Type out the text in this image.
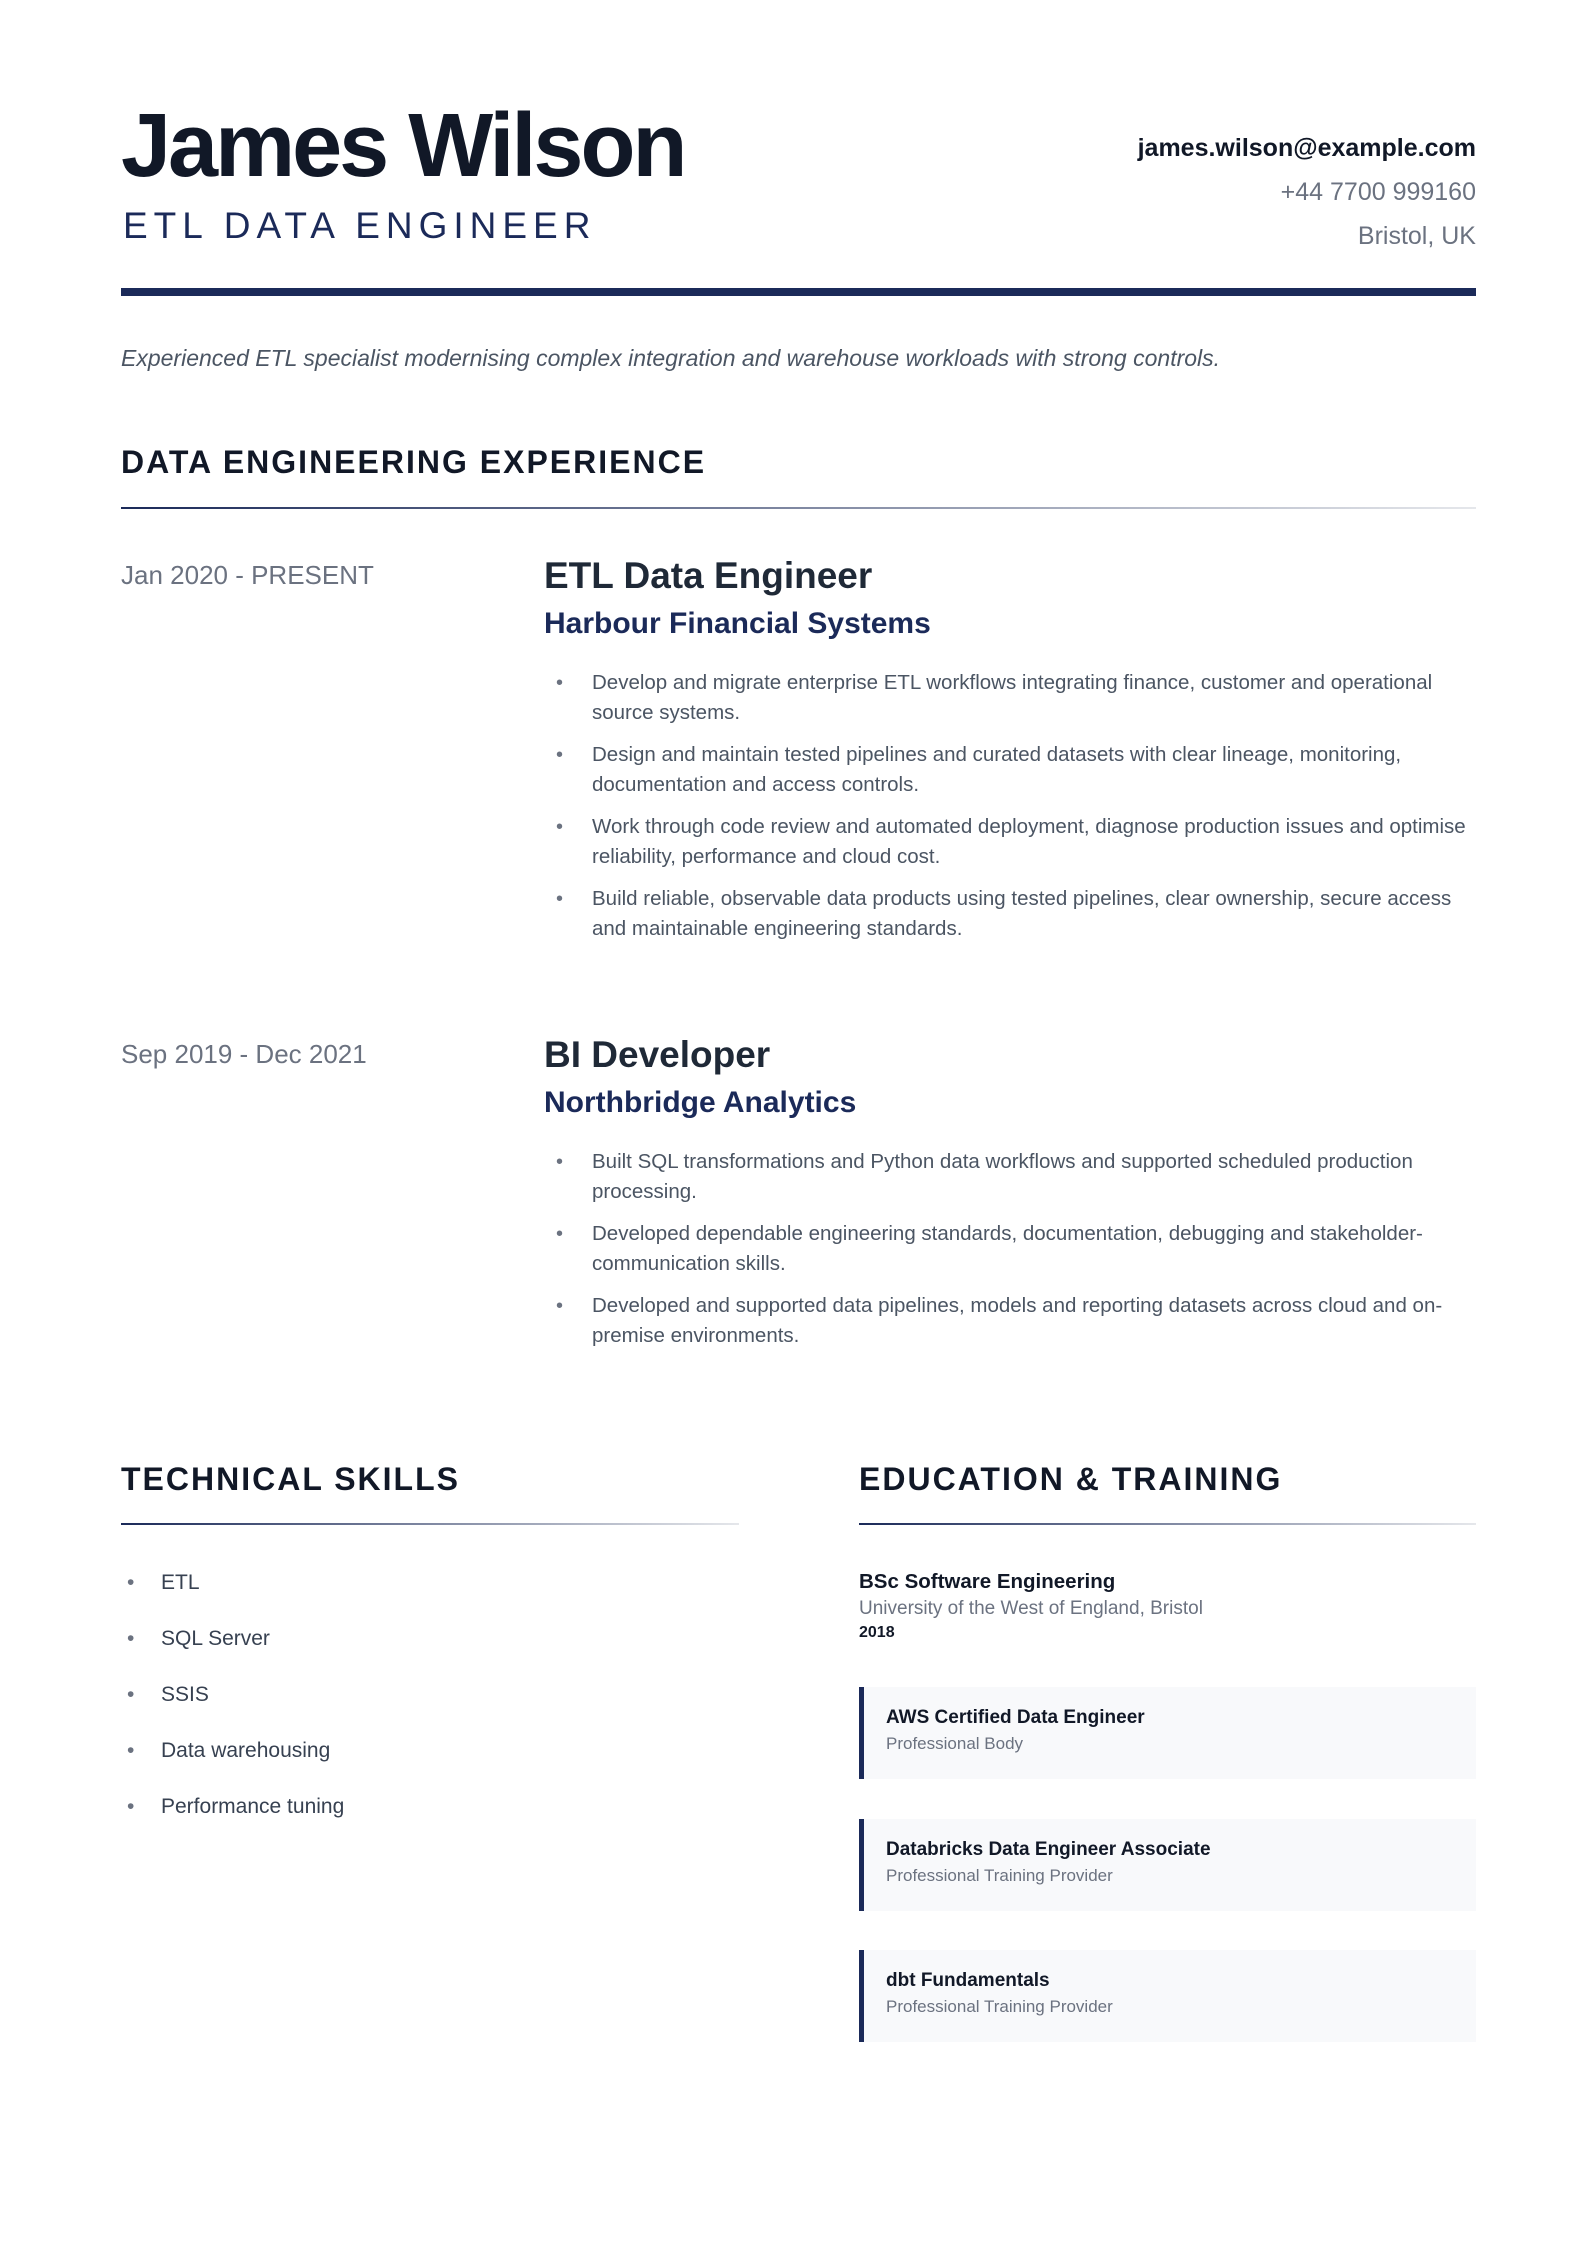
James Wilson
ETL DATA ENGINEER
james.wilson@example.com
+44 7700 999160
Bristol, UK
Experienced ETL specialist modernising complex integration and warehouse workloads with strong controls.
DATA ENGINEERING EXPERIENCE
Jan 2020 - PRESENT	ETL Data Engineer
Harbour Financial Systems
• Develop and migrate enterprise ETL workflows integrating finance, customer and operational source systems.
• Design and maintain tested pipelines and curated datasets with clear lineage, monitoring, documentation and access controls.
• Work through code review and automated deployment, diagnose production issues and optimise reliability, performance and cloud cost.
• Build reliable, observable data products using tested pipelines, clear ownership, secure access and maintainable engineering standards.
Sep 2019 - Dec 2021	BI Developer
Northbridge Analytics
• Built SQL transformations and Python data workflows and supported scheduled production processing.
• Developed dependable engineering standards, documentation, debugging and stakeholder-communication skills.
• Developed and supported data pipelines, models and reporting datasets across cloud and on-premise environments.
TECHNICAL SKILLS
• ETL
• SQL Server
• SSIS
• Data warehousing
• Performance tuning
EDUCATION & TRAINING
BSc Software Engineering
University of the West of England, Bristol
2018
AWS Certified Data Engineer
Professional Body
Databricks Data Engineer Associate
Professional Training Provider
dbt Fundamentals
Professional Training Provider
